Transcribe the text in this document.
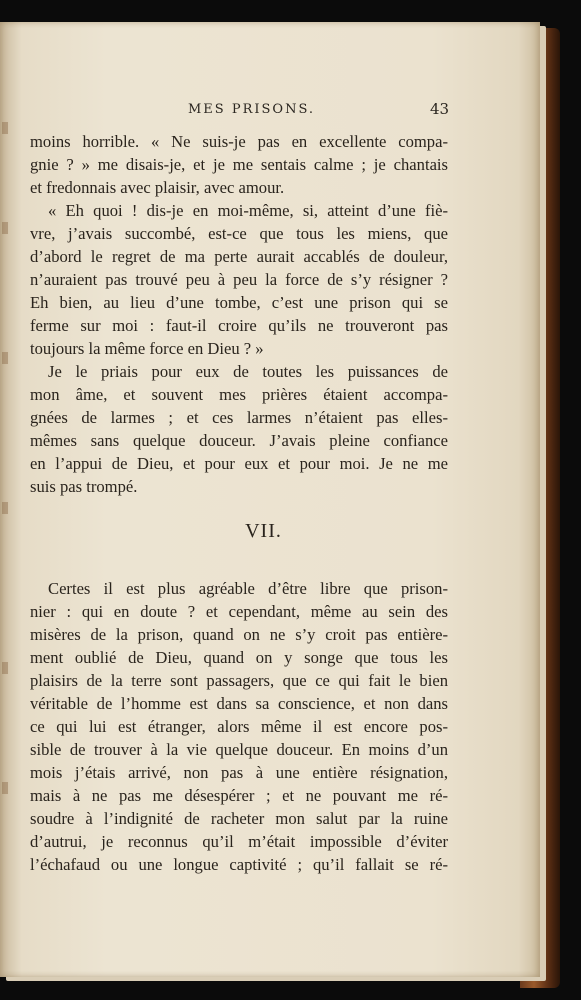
MES PRISONS.	43
moins horrible. « Ne suis-je pas en excellente compa-
gnie ? » me disais-je, et je me sentais calme ; je chantais
et fredonnais avec plaisir, avec amour.
« Eh quoi ! dis-je en moi-même, si, atteint d’une fiè-
vre, j’avais succombé, est-ce que tous les miens, que
d’abord le regret de ma perte aurait accablés de douleur,
n’auraient pas trouvé peu à peu la force de s’y résigner ?
Eh bien, au lieu d’une tombe, c’est une prison qui se
ferme sur moi : faut-il croire qu’ils ne trouveront pas
toujours la même force en Dieu ? »
Je le priais pour eux de toutes les puissances de
mon âme, et souvent mes prières étaient accompa-
gnées de larmes ; et ces larmes n’étaient pas elles-
mêmes sans quelque douceur. J’avais pleine confiance
en l’appui de Dieu, et pour eux et pour moi. Je ne me
suis pas trompé.
VII.
Certes il est plus agréable d’être libre que prison-
nier : qui en doute ? et cependant, même au sein des
misères de la prison, quand on ne s’y croit pas entière-
ment oublié de Dieu, quand on y songe que tous les
plaisirs de la terre sont passagers, que ce qui fait le bien
véritable de l’homme est dans sa conscience, et non dans
ce qui lui est étranger, alors même il est encore pos-
sible de trouver à la vie quelque douceur. En moins d’un
mois j’étais arrivé, non pas à une entière résignation,
mais à ne pas me désespérer ; et ne pouvant me ré-
soudre à l’indignité de racheter mon salut par la ruine
d’autrui, je reconnus qu’il m’était impossible d’éviter
l’échafaud ou une longue captivité ; qu’il fallait se ré-
